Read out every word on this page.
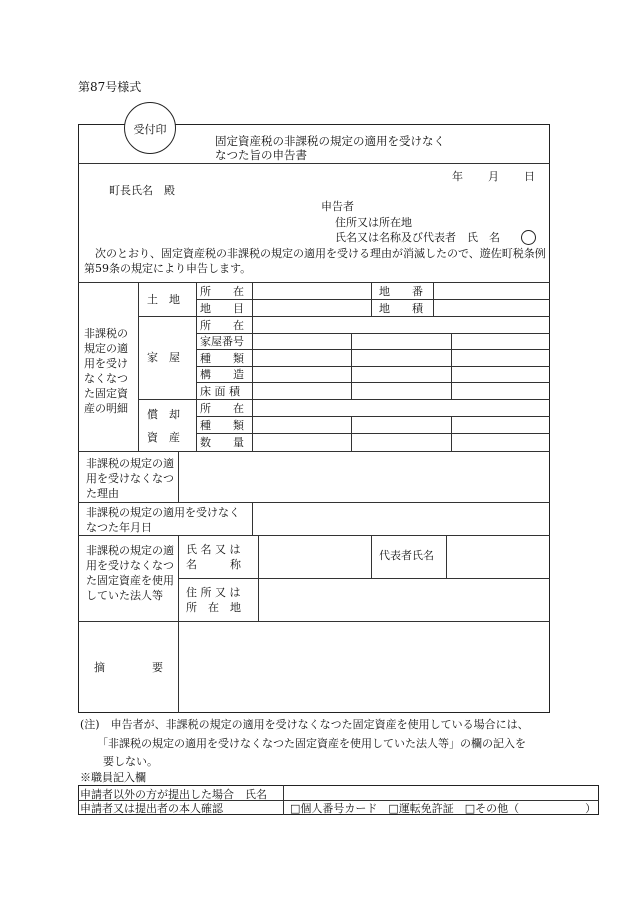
第87号様式
受付印
固定資産税の非課税の規定の適用を受けなくなつた旨の申告書
年 月 日
町長氏名　殿
申告者
住所又は所在地
氏名又は名称及び代表者　氏　名
次のとおり、固定資産税の非課税の規定の適用を受ける理由が消滅したので、遊佐町税条例第59条の規定により申告します。
非課税の規定の適用を受けなくなつた固定資産の明細
土　地
所　　在
地　　目
地　　番
地　　積
家　屋
所　　在
家屋番号
種　　類
構　　造
床 面 積
償　却
資　産
所　　在
種　　類
数　　量
非課税の規定の適用を受けなくなつた理由
非課税の規定の適用を受けなくなつた年月日
非課税の規定の適用を受けなくなつた固定資産を使用していた法人等
氏 名 又 は
名　　　称
代表者氏名
住 所 又 は
所　在　地
摘	要
(注)　申告者が、非課税の規定の適用を受けなくなつた固定資産を使用している場合には、
「非課税の規定の適用を受けなくなつた固定資産を使用していた法人等」の欄の記入を
要しない。
※職員記入欄
申請者以外の方が提出した場合　氏名
申請者又は提出者の本人確認	□個人番号カード　□運転免許証　□その他（　　　　　　）
